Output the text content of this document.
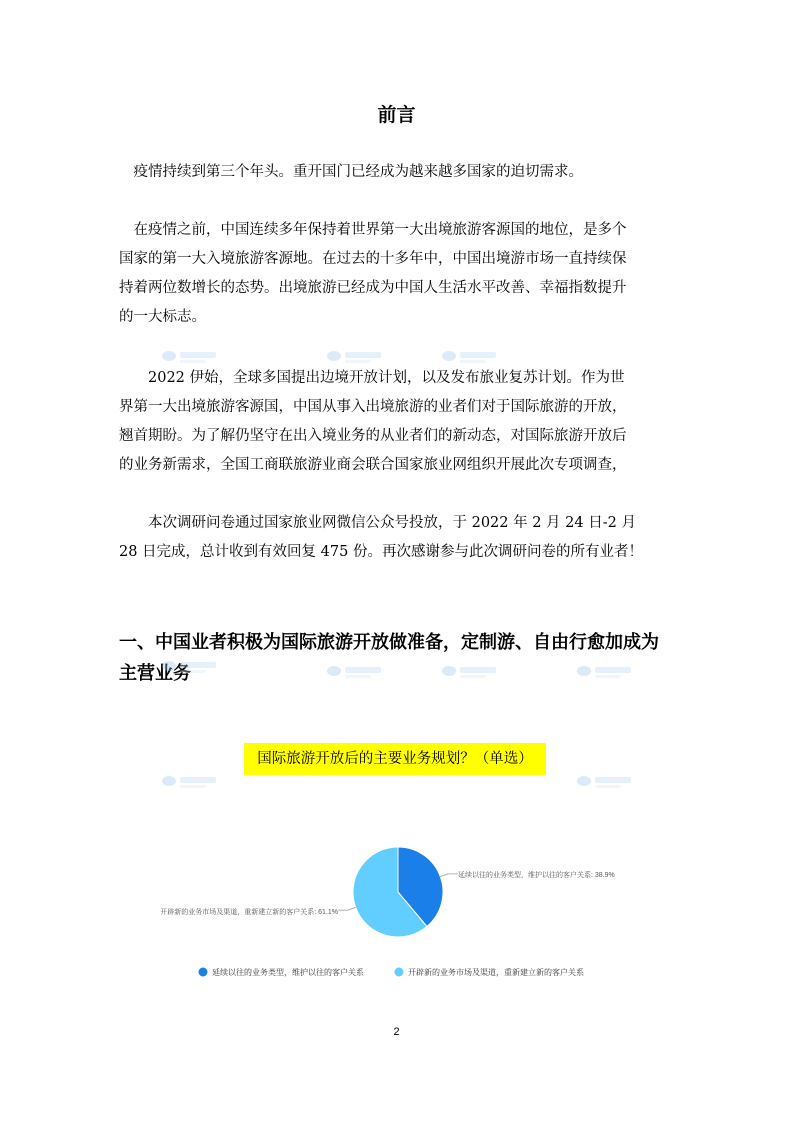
前言

　疫情持续到第三个年头。重开国门已经成为越来越多国家的迫切需求。

　在疫情之前，中国连续多年保持着世界第一大出境旅游客源国的地位，是多个
国家的第一大入境旅游客源地。在过去的十多年中，中国出境游市场一直持续保
持着两位数增长的态势。出境旅游已经成为中国人生活水平改善、幸福指数提升
的一大标志。

　　2022 伊始，全球多国提出边境开放计划，以及发布旅业复苏计划。作为世
界第一大出境旅游客源国，中国从事入出境旅游的业者们对于国际旅游的开放，
翘首期盼。为了解仍坚守在出入境业务的从业者们的新动态，对国际旅游开放后
的业务新需求，全国工商联旅游业商会联合国家旅业网组织开展此次专项调查，

　　本次调研问卷通过国家旅业网微信公众号投放，于 2022 年 2 月 24 日-2 月
28 日完成，总计收到有效回复 475 份。再次感谢参与此次调研问卷的所有业者！

一、中国业者积极为国际旅游开放做准备，定制游、自由行愈加成为
主营业务
国际旅游开放后的主要业务规划？（单选）
延续以往的业务类型，维护以往的客户关系: 38.9%
开辟新的业务市场及渠道，重新建立新的客户关系: 61.1%
延续以往的业务类型，维护以往的客户关系	开辟新的业务市场及渠道，重新建立新的客户关系
2
